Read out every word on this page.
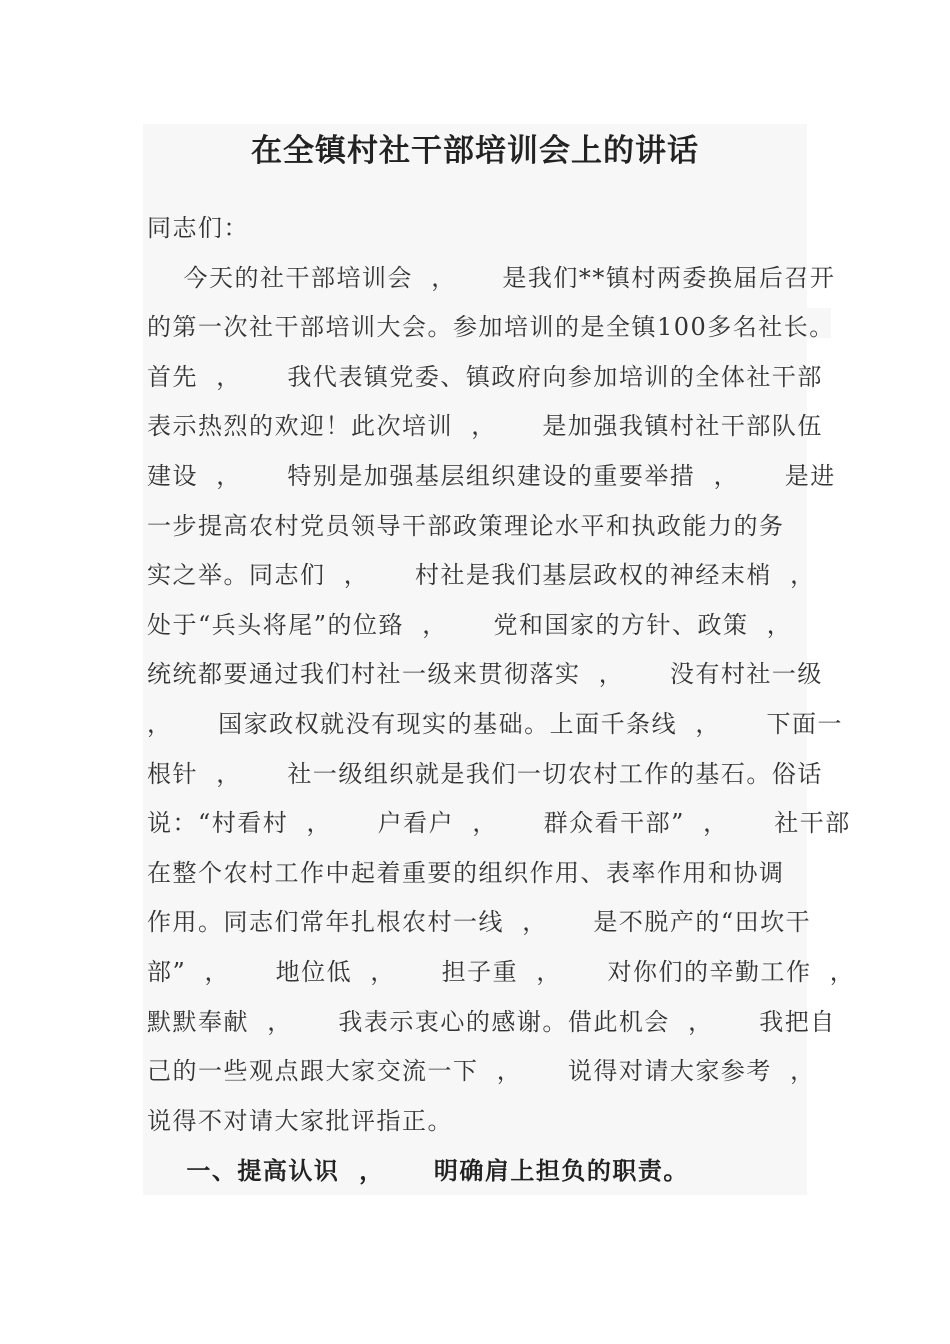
在全镇村社干部培训会上的讲话
同志们：
今天的社干部培训会  ，     是我们**镇村两委换届后召开
的第一次社干部培训大会。参加培训的是全镇100多名社长。
首先  ，     我代表镇党委、镇政府向参加培训的全体社干部
表示热烈的欢迎！此次培训  ，     是加强我镇村社干部队伍
建设  ，     特别是加强基层组织建设的重要举措  ，     是进
一步提高农村党员领导干部政策理论水平和执政能力的务
实之举。同志们  ，     村社是我们基层政权的神经末梢  ，
处于“兵头将尾”的位臵  ，     党和国家的方针、政策  ，
统统都要通过我们村社一级来贯彻落实  ，     没有村社一级
，     国家政权就没有现实的基础。上面千条线  ，     下面一
根针  ，     社一级组织就是我们一切农村工作的基石。俗话
说：“村看村  ，     户看户  ，     群众看干部”  ，     社干部
在整个农村工作中起着重要的组织作用、表率作用和协调
作用。同志们常年扎根农村一线  ，     是不脱产的“田坎干
部”  ，     地位低  ，     担子重  ，     对你们的辛勤工作  ，
默默奉献  ，     我表示衷心的感谢。借此机会  ，     我把自
己的一些观点跟大家交流一下  ，     说得对请大家参考  ，
说得不对请大家批评指正。
一、提高认识  ，     明确肩上担负的职责。
